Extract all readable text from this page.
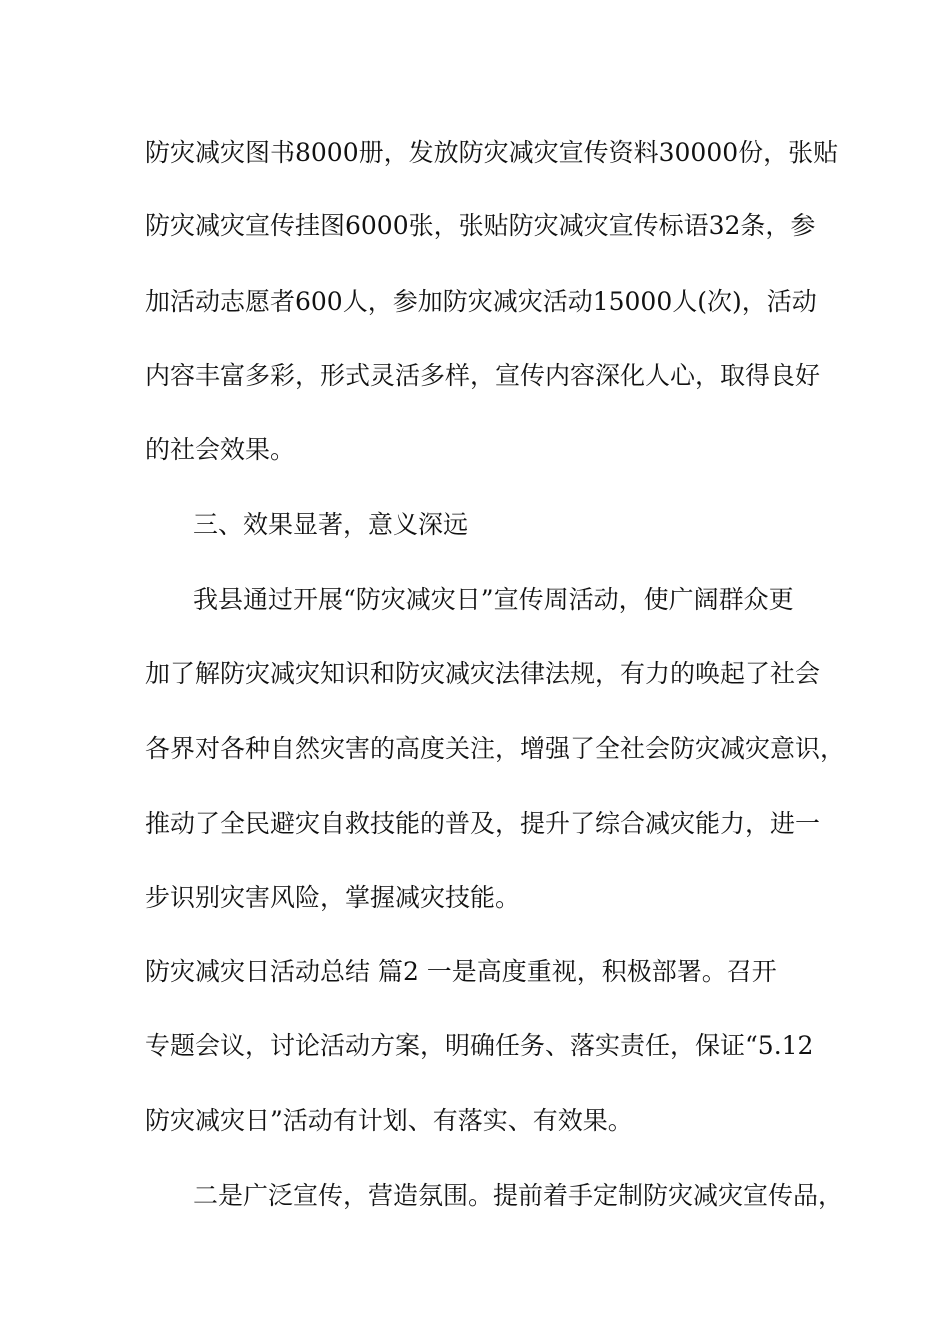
防灾减灾图书8000册，发放防灾减灾宣传资料30000份，张贴
防灾减灾宣传挂图6000张，张贴防灾减灾宣传标语32条，参
加活动志愿者600人，参加防灾减灾活动15000人(次)，活动
内容丰富多彩，形式灵活多样，宣传内容深化人心，取得良好
的社会效果。
三、效果显著，意义深远
我县通过开展“防灾减灾日”宣传周活动，使广阔群众更
加了解防灾减灾知识和防灾减灾法律法规，有力的唤起了社会
各界对各种自然灾害的高度关注，增强了全社会防灾减灾意识，
推动了全民避灾自救技能的普及，提升了综合减灾能力，进一
步识别灾害风险，掌握减灾技能。
防灾减灾日活动总结 篇2 一是高度重视，积极部署。召开
专题会议，讨论活动方案，明确任务、落实责任，保证“5.12
防灾减灾日”活动有计划、有落实、有效果。
二是广泛宣传，营造氛围。提前着手定制防灾减灾宣传品，
